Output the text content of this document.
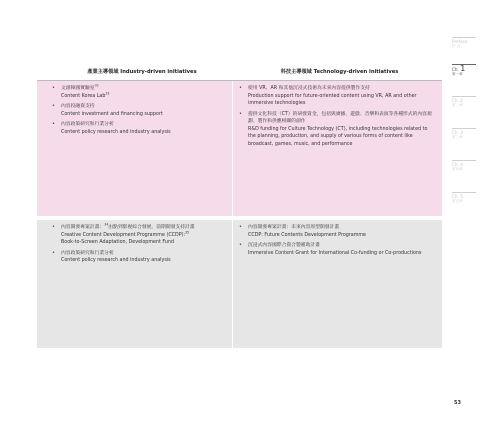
產業主導領域 Industry-driven initiatives	科技主導領域 Technology-driven initiatives
• 文創韓國實驗室$^{32}$
Content Korea Lab$^{33}$
• 內容投融資支持
Content investment and financing support
• 內容政策研究和行業分析
Content policy research and industry analysis
• 使用 VR、AR 和其他沉浸式技術為未來內容提供製作支持
Production support for future-oriented content using VR, AR and other immersive technologies
• 提供文化科技（CT）的研發資金，包括與廣播、遊戲、音樂和表演等各種形式的內容規劃、製作和供應相關的創作
R&D funding for Culture Technology (CT), including technologies related to the planning, production, and supply of various forms of content like broadcast, games, music, and performance
• 內容開發專案計畫：$^{34}$由點到影視綜合發展、前期開發支持計畫
Creative Content Development Programme (CCDP):$^{35}$
Book-to-Screen Adaptation, Development Fund
• 內容政策研究和行業分析
Content policy research and industry analysis
• 內容開發專案計畫：未來內容原型開發計畫
CCDP: Future Contents Development Programme
• 沉浸式內容國際合資合製補助計畫
Immersive Content Grant for International Co-funding or Co-productions
Preface
序 言
Ch. 1
第一章
Ch. 2
第二章
Ch. 3
第三章
Ch. 4
第四章
Ch. 5
第五章
53
